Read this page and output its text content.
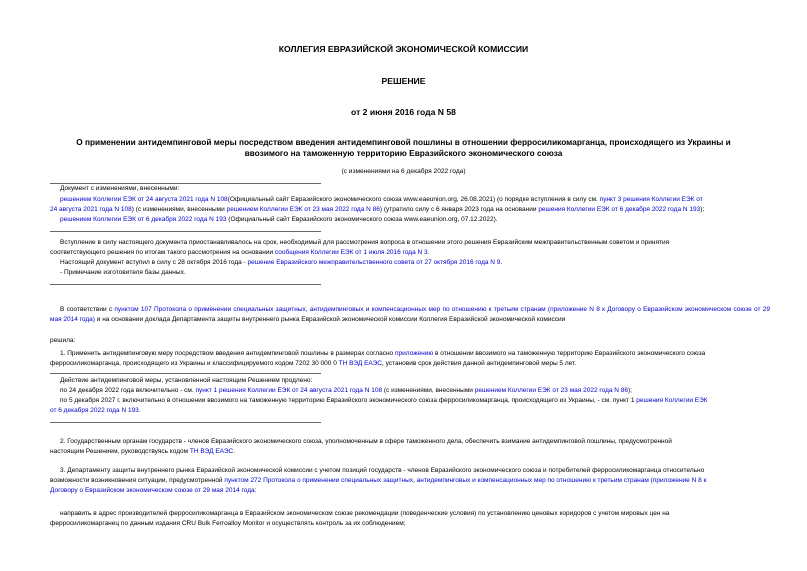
КОЛЛЕГИЯ ЕВРАЗИЙСКОЙ ЭКОНОМИЧЕСКОЙ КОМИССИИ
РЕШЕНИЕ
от 2 июня 2016 года N 58
О применении антидемпинговой меры посредством введения антидемпинговой пошлины в отношении ферросиликомарганца, происходящего из Украины и
ввозимого на таможенную территорию Евразийского экономического союза
(с изменениями на 6 декабря 2022 года)
Документ с изменениями, внесенными:
решением Коллегии ЕЭК от 24 августа 2021 года N 108(Официальный сайт Евразийского экономического союза www.eaeunion.org, 26.08.2021) (о порядке вступления в силу см. пункт 3 решения Коллегии ЕЭК от
24 августа 2021 года N 108) (с изменениями, внесенными решением Коллегии ЕЭК от 23 мая 2022 года N 86) (утратило силу с 6 января 2023 года на основании решения Коллегии ЕЭК от 6 декабря 2022 года N 193);
решением Коллегии ЕЭК от 6 декабря 2022 года N 193 (Официальный сайт Евразийского экономического союза www.eaeunion.org, 07.12.2022).
Вступление в силу настоящего документа приостанавливалось на срок, необходимый для рассмотрения вопроса в отношении этого решения Евразийским межправительственным советом и принятия
соответствующего решения по итогам такого рассмотрения на основании сообщения Коллегии ЕЭК от 1 июля 2016 года N 3.
Настоящий документ вступил в силу с 28 октября 2016 года - решение Евразийского межправительственного совета от 27 октября 2016 года N 9.
- Примечание изготовителя базы данных.
В соответствии с пунктом 107 Протокола о применении специальных защитных, антидемпинговых и компенсационных мер по отношению к третьим странам (приложение N 8 к Договору о Евразийском экономическом союзе от 29 мая 2014 года) и на основании доклада Департамента защиты внутреннего рынка Евразийской экономической комиссии Коллегия Евразийской экономической комиссии
решила:
1. Применить антидемпинговую меру посредством введения антидемпинговой пошлины в размерах согласно приложению в отношении ввозимого на таможенную территорию Евразийского экономического союза
ферросиликомарганца, происходящего из Украины и классифицируемого кодом 7202 30 000 0 ТН ВЭД ЕАЭС, установив срок действия данной антидемпинговой меры 5 лет.
Действие антидемпинговой меры, установленной настоящим Решением продлено:
по 24 декабря 2022 года включительно - см. пункт 1 решения Коллегии ЕЭК от 24 августа 2021 года N 108 (с изменениями, внесенными решением Коллегии ЕЭК от 23 мая 2022 года N 86);
по 5 декабря 2027 г. включительно в отношении ввозимого на таможенную территорию Евразийского экономического союза ферросиликомарганца, происходящего из Украины, - см. пункт 1 решения Коллегии ЕЭК
от 6 декабря 2022 года N 193.
2. Государственным органам государств - членов Евразийского экономического союза, уполномоченным в сфере таможенного дела, обеспечить взимание антидемпинговой пошлины, предусмотренной
настоящим Решением, руководствуясь кодом ТН ВЭД ЕАЭС.
3. Департаменту защиты внутреннего рынка Евразийской экономической комиссии с учетом позиций государств - членов Евразийского экономического союза и потребителей ферросиликомарганца относительно
возможности возникновения ситуации, предусмотренной пунктом 272 Протокола о применении специальных защитных, антидемпинговых и компенсационных мер по отношению к третьим странам (приложение N 8 к
Договору о Евразийском экономическом союзе от 29 мая 2014 года:
направить в адрес производителей ферросиликомарганца в Евразийском экономическом союзе рекомендации (поведенческие условия) по установлению ценовых коридоров с учетом мировых цен на
ферросиликомарганец по данным издания CRU Bulk Ferroalloy Monitor и осуществлять контроль за их соблюдением;
